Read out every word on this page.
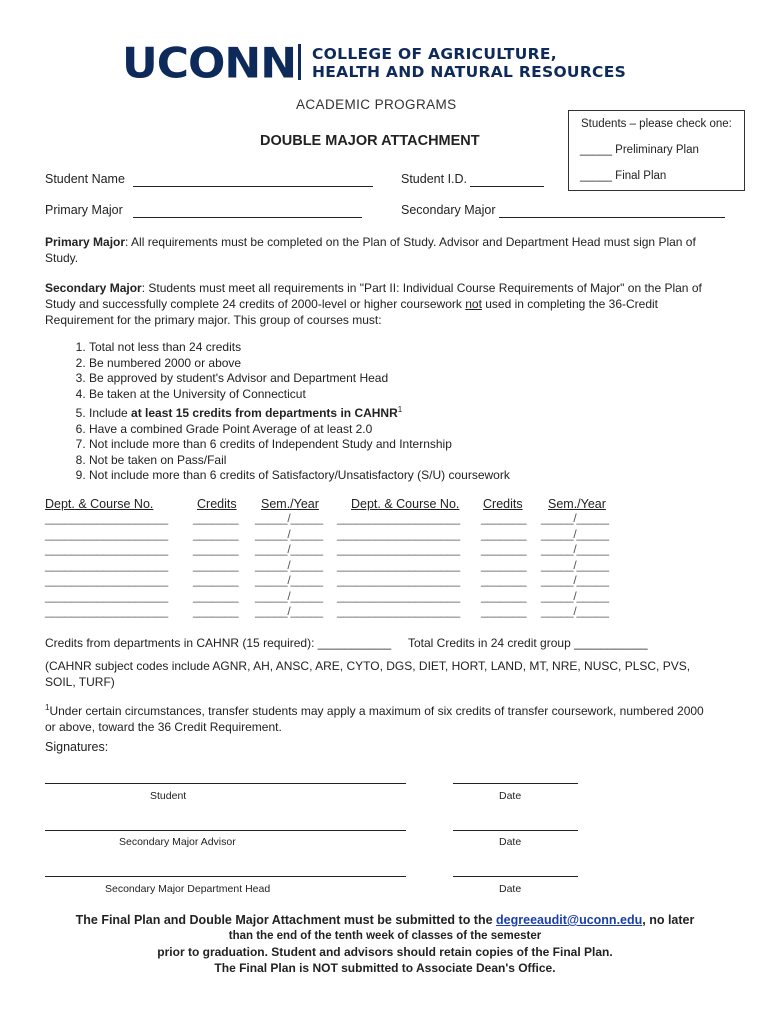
UCONN COLLEGE OF AGRICULTURE,
HEALTH AND NATURAL RESOURCES
ACADEMIC PROGRAMS
Students – please check one:
_____ Preliminary Plan
_____ Final Plan
DOUBLE MAJOR ATTACHMENT
Student Name	Student I.D.
Primary Major	Secondary Major
Primary Major: All requirements must be completed on the Plan of Study. Advisor and Department Head must sign Plan of Study.
Secondary Major: Students must meet all requirements in "Part II: Individual Course Requirements of Major" on the Plan of Study and successfully complete 24 credits of 2000-level or higher coursework not used in completing the 36-Credit Requirement for the primary major. This group of courses must:
1. Total not less than 24 credits
2. Be numbered 2000 or above
3. Be approved by student's Advisor and Department Head
4. Be taken at the University of Connecticut
5. Include at least 15 credits from departments in CAHNR$^1$
6. Have a combined Grade Point Average of at least 2.0
7. Not include more than 6 credits of Independent Study and Internship
8. Not be taken on Pass/Fail
9. Not include more than 6 credits of Satisfactory/Unsatisfactory (S/U) coursework
Dept. & Course No.	Credits Sem./Year	Dept. & Course No. Credits Sem./Year
___________________ _______ _____/_____ ___________________ _______ _____/_____
___________________ _______ _____/_____ ___________________ _______ _____/_____
___________________ _______ _____/_____ ___________________ _______ _____/_____
___________________ _______ _____/_____ ___________________ _______ _____/_____
___________________ _______ _____/_____ ___________________ _______ _____/_____
___________________ _______ _____/_____ ___________________ _______ _____/_____
___________________ _______ _____/_____ ___________________ _______ _____/_____
Credits from departments in CAHNR (15 required): ___________ Total Credits in 24 credit group ___________
(CAHNR subject codes include AGNR, AH, ANSC, ARE, CYTO, DGS, DIET, HORT, LAND, MT, NRE, NUSC, PLSC, PVS, SOIL, TURF)
$^1$Under certain circumstances, transfer students may apply a maximum of six credits of transfer coursework, numbered 2000 or above, toward the 36 Credit Requirement.
Signatures:
Student	Date
Secondary Major Advisor	Date
Secondary Major Department Head	Date
The Final Plan and Double Major Attachment must be submitted to the degreeaudit@uconn.edu, no later
than the end of the tenth week of classes of the semester
prior to graduation. Student and advisors should retain copies of the Final Plan.
The Final Plan is NOT submitted to Associate Dean's Office.
